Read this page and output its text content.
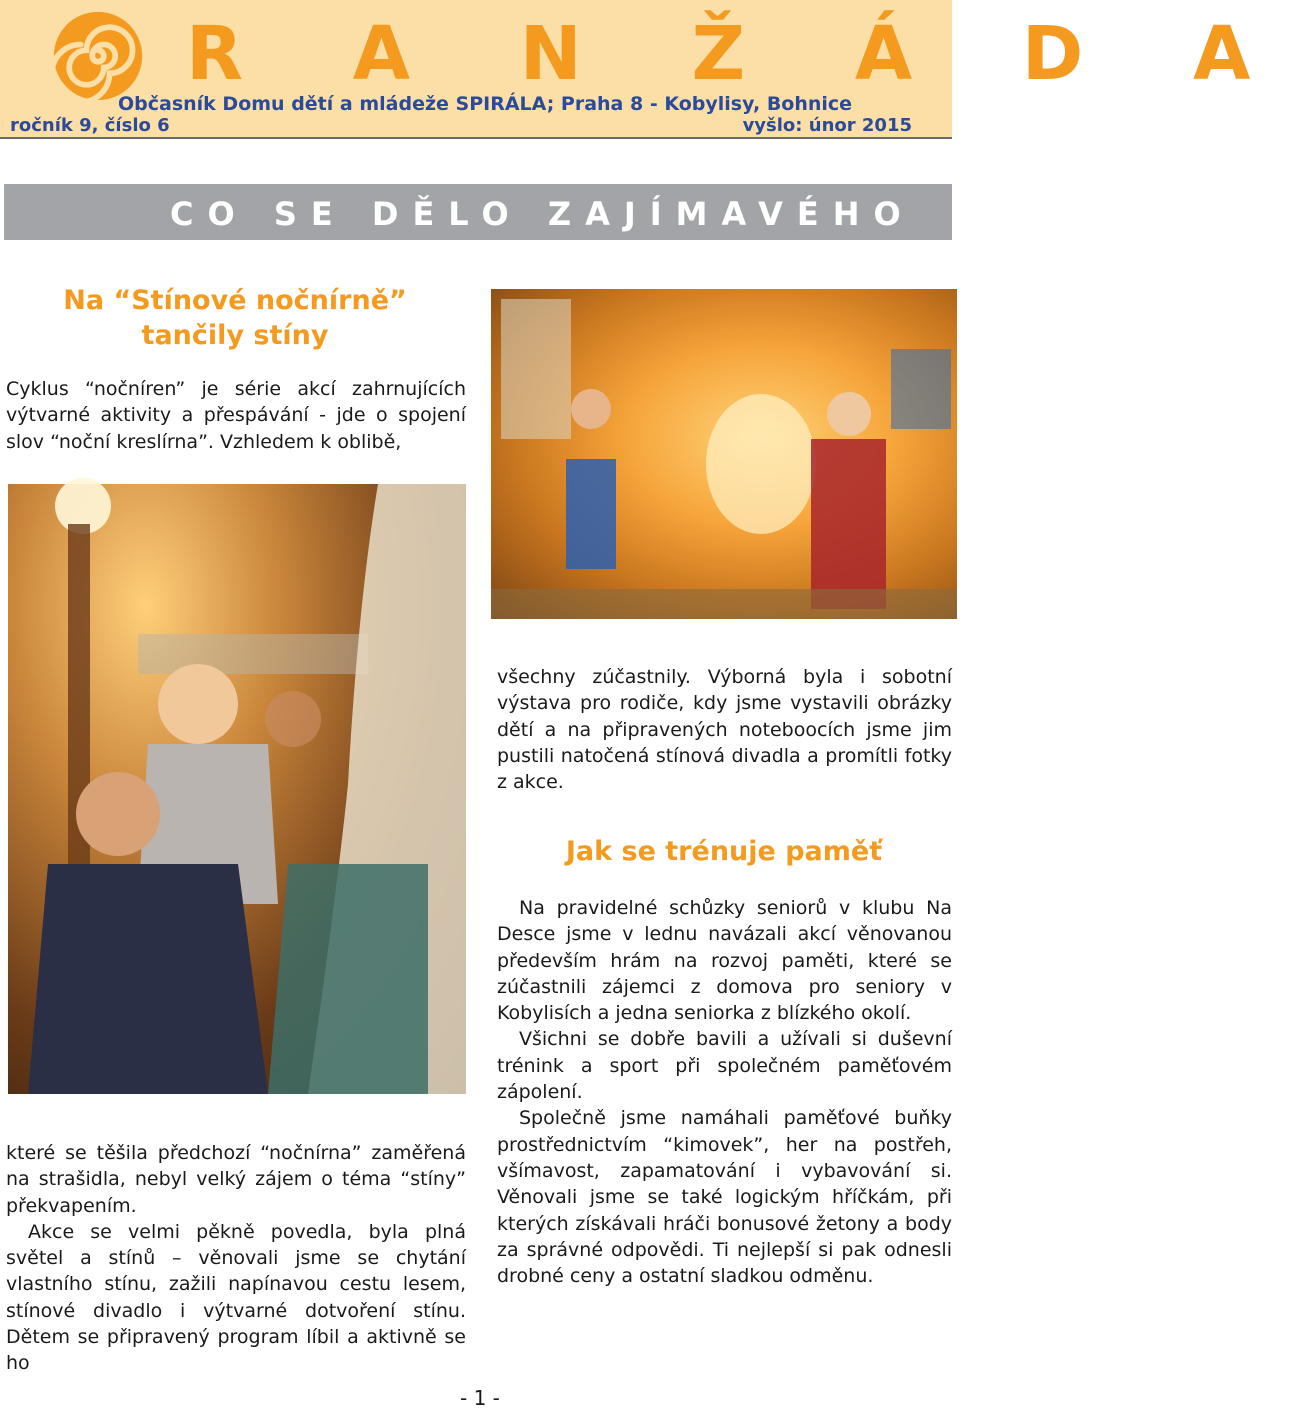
R A N Ž Á D A
Občasník Domu dětí a mládeže SPIRÁLA; Praha 8 - Kobylisy, Bohnice
ročník 9, číslo 6	vyšlo: únor 2015
CO SE DĚLO ZAJÍMAVÉHO
Na “Stínové nočnírně”
tančily stíny

Cyklus “nočníren” je série akcí zahrnujících výtvarné aktivity a přespávání - jde o spojení slov “noční kreslírna”. Vzhledem k oblibě,

všechny zúčastnily. Výborná byla i sobotní výstava pro rodiče, kdy jsme vystavili obrázky dětí a na připravených noteboocích jsme jim pustili natočená stínová divadla a promítli fotky z akce.

které se těšila předchozí “nočnírna” zaměřená na strašidla, nebyl velký zájem o téma “stíny” překvapením.

Akce se velmi pěkně povedla, byla plná světel a stínů – věnovali jsme se chytání vlastního stínu, zažili napínavou cestu lesem, stínové divadlo i výtvarné dotvoření stínu. Dětem se připravený program líbil a aktivně se ho

Jak se trénuje paměť

Na pravidelné schůzky seniorů v klubu Na Desce jsme v lednu navázali akcí věnovanou především hrám na rozvoj paměti, které se zúčastnili zájemci z domova pro seniory v Kobylisích a jedna seniorka z blízkého okolí.

Všichni se dobře bavili a užívali si duševní trénink a sport při společném paměťovém zápolení.

Společně jsme namáhali paměťové buňky prostřednictvím “kimovek”, her na postřeh, všímavost, zapamatování i vybavování si. Věnovali jsme se také logickým hříčkám, při kterých získávali hráči bonusové žetony a body za správné odpovědi. Ti nejlepší si pak odnesli drobné ceny a ostatní sladkou odměnu.

- 1 -
